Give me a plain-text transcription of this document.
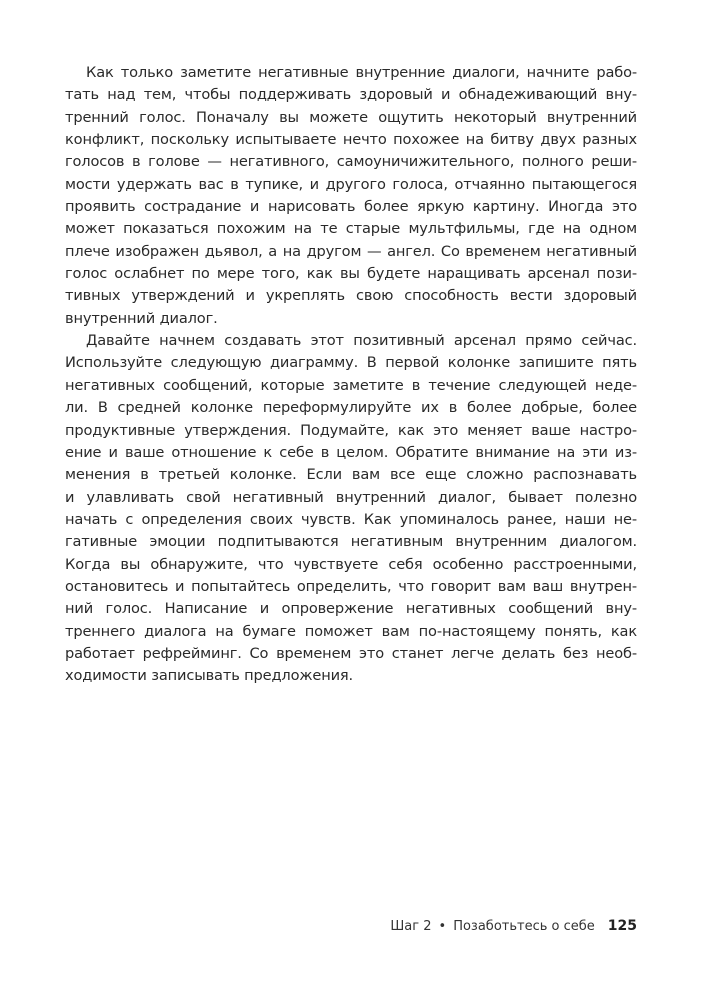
Как только заметите негативные внутренние диалоги, начните рабо-
тать над тем, чтобы поддерживать здоровый и обнадеживающий вну-
тренний голос. Поначалу вы можете ощутить некоторый внутренний
конфликт, поскольку испытываете нечто похожее на битву двух разных
голосов в голове — негативного, самоуничижительного, полного реши-
мости удержать вас в тупике, и другого голоса, отчаянно пытающегося
проявить сострадание и нарисовать более яркую картину. Иногда это
может показаться похожим на те старые мультфильмы, где на одном
плече изображен дьявол, а на другом — ангел. Со временем негативный
голос ослабнет по мере того, как вы будете наращивать арсенал пози-
тивных утверждений и укреплять свою способность вести здоровый
внутренний диалог.
Давайте начнем создавать этот позитивный арсенал прямо сейчас.
Используйте следующую диаграмму. В первой колонке запишите пять
негативных сообщений, которые заметите в течение следующей неде-
ли. В средней колонке переформулируйте их в более добрые, более
продуктивные утверждения. Подумайте, как это меняет ваше настро-
ение и ваше отношение к себе в целом. Обратите внимание на эти из-
менения в третьей колонке. Если вам все еще сложно распознавать
и улавливать свой негативный внутренний диалог, бывает полезно
начать с определения своих чувств. Как упоминалось ранее, наши не-
гативные эмоции подпитываются негативным внутренним диалогом.
Когда вы обнаружите, что чувствуете себя особенно расстроенными,
остановитесь и попытайтесь определить, что говорит вам ваш внутрен-
ний голос. Написание и опровержение негативных сообщений вну-
треннего диалога на бумаге поможет вам по-настоящему понять, как
работает рефрейминг. Со временем это станет легче делать без необ-
ходимости записывать предложения.
Шаг 2 • Позаботьтесь о себе 125
